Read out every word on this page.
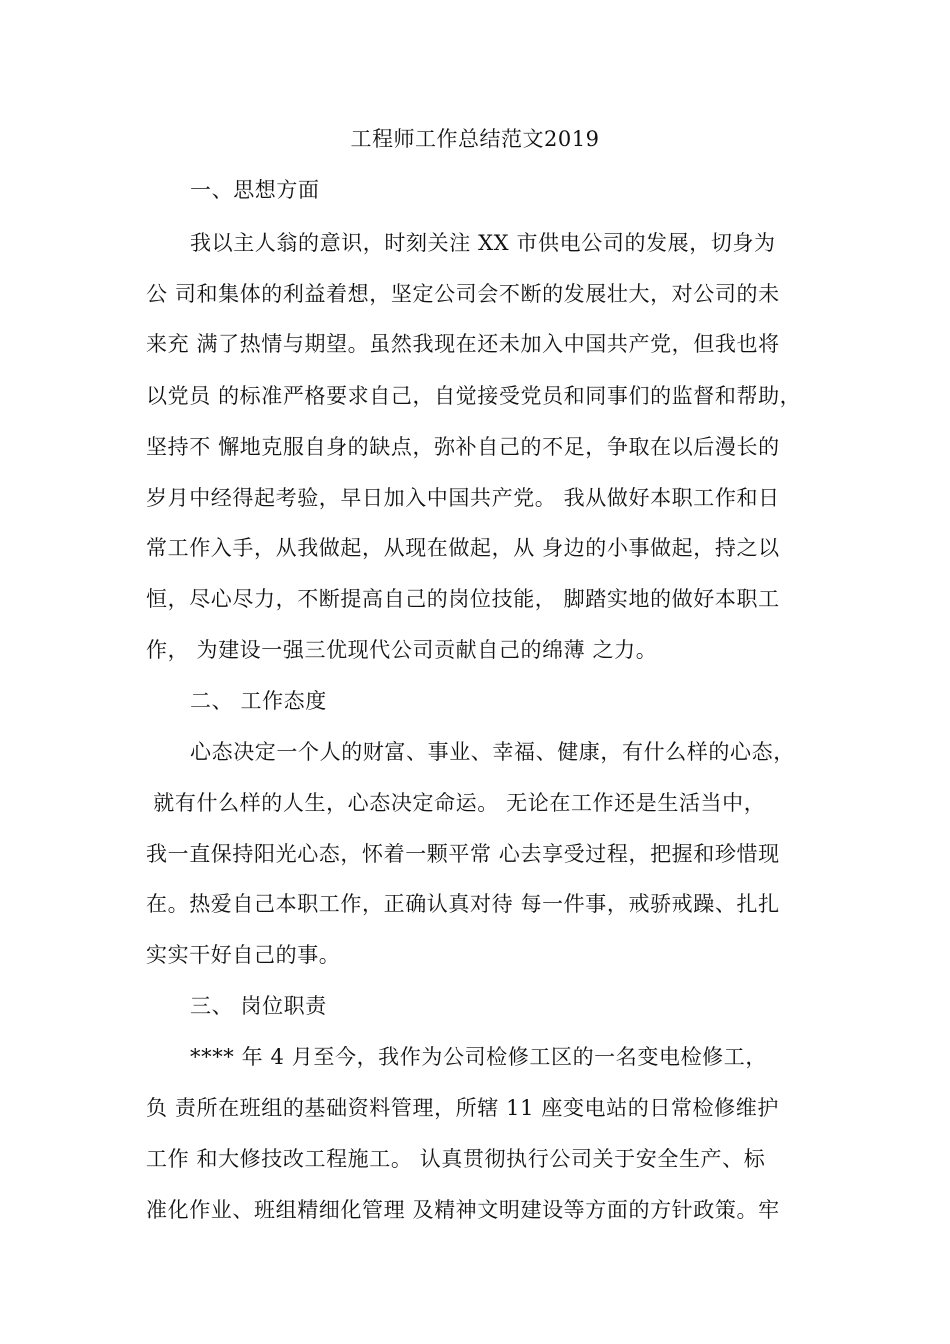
工程师工作总结范文2019
一、思想方面
我以主人翁的意识，时刻关注 XX 市供电公司的发展，切身为
公 司和集体的利益着想，坚定公司会不断的发展壮大，对公司的未
来充 满了热情与期望。虽然我现在还未加入中国共产党，但我也将
以党员 的标准严格要求自己，自觉接受党员和同事们的监督和帮助，
坚持不 懈地克服自身的缺点，弥补自己的不足，争取在以后漫长的
岁月中经得起考验，早日加入中国共产党。 我从做好本职工作和日
常工作入手，从我做起，从现在做起，从 身边的小事做起，持之以
恒，尽心尽力，不断提高自己的岗位技能， 脚踏实地的做好本职工
作， 为建设一强三优现代公司贡献自己的绵薄 之力。
二、 工作态度
心态决定一个人的财富、事业、幸福、健康，有什么样的心态，
就有什么样的人生，心态决定命运。 无论在工作还是生活当中，
我一直保持阳光心态，怀着一颗平常 心去享受过程，把握和珍惜现
在。热爱自己本职工作，正确认真对待 每一件事，戒骄戒躁、扎扎
实实干好自己的事。
三、 岗位职责
**** 年 4 月至今，我作为公司检修工区的一名变电检修工，
负 责所在班组的基础资料管理，所辖 11 座变电站的日常检修维护
工作 和大修技改工程施工。 认真贯彻执行公司关于安全生产、标
准化作业、班组精细化管理 及精神文明建设等方面的方针政策。牢
